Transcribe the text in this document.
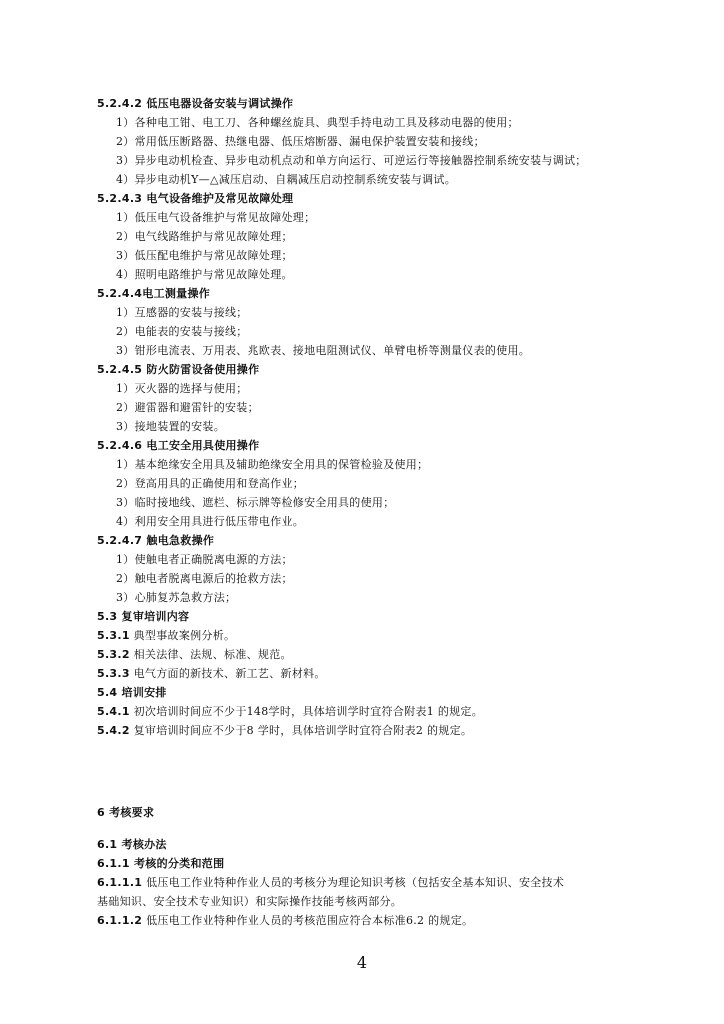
5.2.4.2 低压电器设备安装与调试操作
1）各种电工钳、电工刀、各种螺丝旋具、典型手持电动工具及移动电器的使用；
2）常用低压断路器、热继电器、低压熔断器、漏电保护装置安装和接线；
3）异步电动机检查、异步电动机点动和单方向运行、可逆运行等接触器控制系统安装与调试；
4）异步电动机Y—△减压启动、自耦减压启动控制系统安装与调试。
5.2.4.3 电气设备维护及常见故障处理
1）低压电气设备维护与常见故障处理；
2）电气线路维护与常见故障处理；
3）低压配电维护与常见故障处理；
4）照明电路维护与常见故障处理。
5.2.4.4电工测量操作
1）互感器的安装与接线；
2）电能表的安装与接线；
3）钳形电流表、万用表、兆欧表、接地电阻测试仪、单臂电桥等测量仪表的使用。
5.2.4.5 防火防雷设备使用操作
1）灭火器的选择与使用；
2）避雷器和避雷针的安装；
3）接地装置的安装。
5.2.4.6 电工安全用具使用操作
1）基本绝缘安全用具及辅助绝缘安全用具的保管检验及使用；
2）登高用具的正确使用和登高作业；
3）临时接地线、遮栏、标示牌等检修安全用具的使用；
4）利用安全用具进行低压带电作业。
5.2.4.7 触电急救操作
1）使触电者正确脱离电源的方法；
2）触电者脱离电源后的抢救方法；
3）心肺复苏急救方法；
5.3 复审培训内容
5.3.1 典型事故案例分析。
5.3.2 相关法律、法规、标准、规范。
5.3.3 电气方面的新技术、新工艺、新材料。
5.4 培训安排
5.4.1 初次培训时间应不少于148学时，具体培训学时宜符合附表1 的规定。
5.4.2 复审培训时间应不少于8 学时，具体培训学时宜符合附表2 的规定。
6 考核要求
6.1 考核办法
6.1.1 考核的分类和范围
6.1.1.1 低压电工作业特种作业人员的考核分为理论知识考核（包括安全基本知识、安全技术
基础知识、安全技术专业知识）和实际操作技能考核两部分。
6.1.1.2 低压电工作业特种作业人员的考核范围应符合本标准6.2 的规定。
4
